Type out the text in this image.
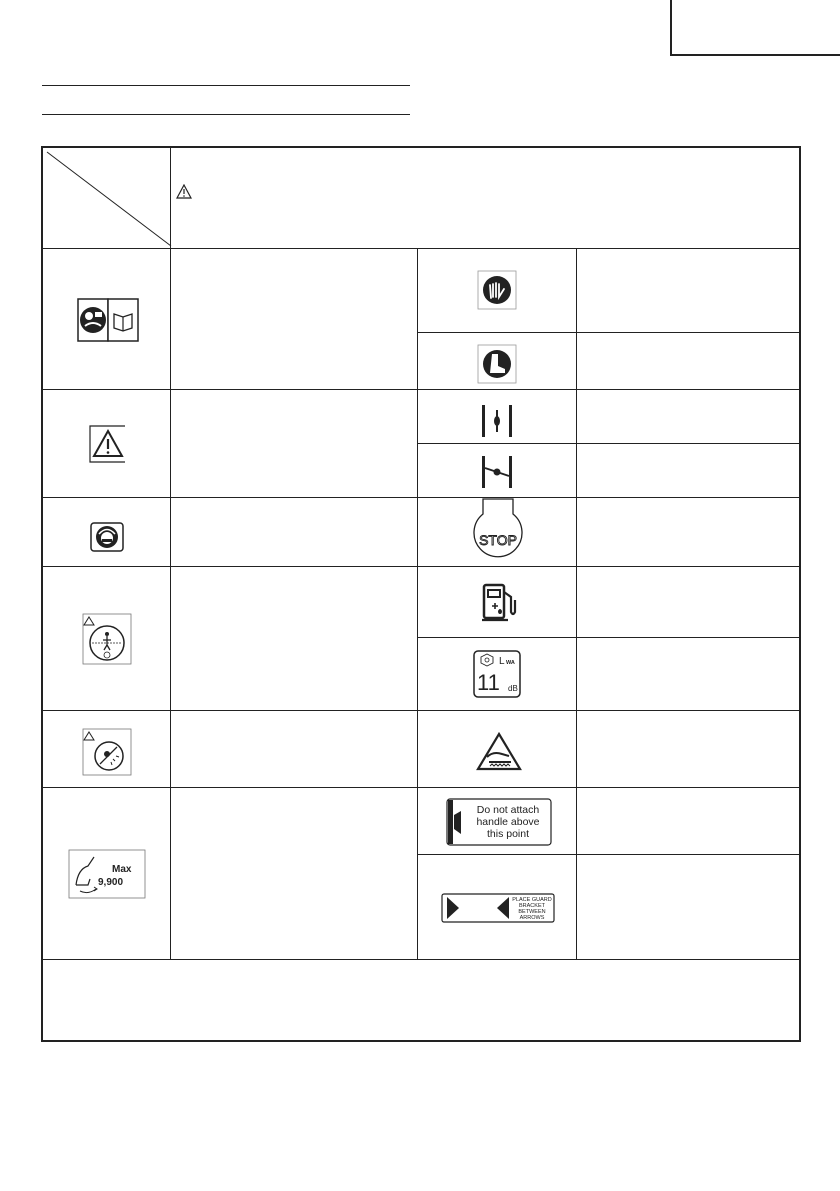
Max
9,900
STOP
L WA
11 dB
Do not attach
handle above
this point
PLACE GUARD
BRACKET
BETWEEN
ARROWS
